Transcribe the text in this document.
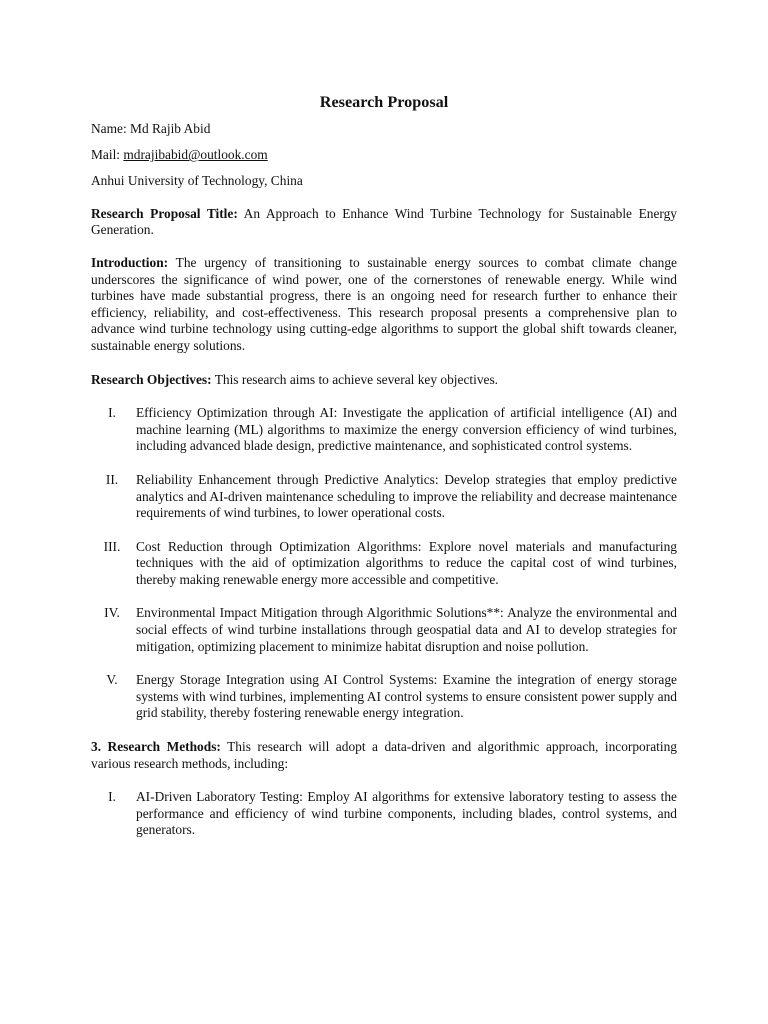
Research Proposal
Name: Md Rajib Abid
Mail: mdrajibabid@outlook.com
Anhui University of Technology, China

Research Proposal Title: An Approach to Enhance Wind Turbine Technology for Sustainable Energy Generation.

Introduction: The urgency of transitioning to sustainable energy sources to combat climate change underscores the significance of wind power, one of the cornerstones of renewable energy. While wind turbines have made substantial progress, there is an ongoing need for research further to enhance their efficiency, reliability, and cost-effectiveness. This research proposal presents a comprehensive plan to advance wind turbine technology using cutting-edge algorithms to support the global shift towards cleaner, sustainable energy solutions.

Research Objectives: This research aims to achieve several key objectives.

I.	Efficiency Optimization through AI: Investigate the application of artificial intelligence (AI) and machine learning (ML) algorithms to maximize the energy conversion efficiency of wind turbines, including advanced blade design, predictive maintenance, and sophisticated control systems.
II.	Reliability Enhancement through Predictive Analytics: Develop strategies that employ predictive analytics and AI-driven maintenance scheduling to improve the reliability and decrease maintenance requirements of wind turbines, to lower operational costs.
III.	Cost Reduction through Optimization Algorithms: Explore novel materials and manufacturing techniques with the aid of optimization algorithms to reduce the capital cost of wind turbines, thereby making renewable energy more accessible and competitive.
IV.	Environmental Impact Mitigation through Algorithmic Solutions**: Analyze the environmental and social effects of wind turbine installations through geospatial data and AI to develop strategies for mitigation, optimizing placement to minimize habitat disruption and noise pollution.
V.	Energy Storage Integration using AI Control Systems: Examine the integration of energy storage systems with wind turbines, implementing AI control systems to ensure consistent power supply and grid stability, thereby fostering renewable energy integration.

3. Research Methods: This research will adopt a data-driven and algorithmic approach, incorporating various research methods, including:

I.	AI-Driven Laboratory Testing: Employ AI algorithms for extensive laboratory testing to assess the performance and efficiency of wind turbine components, including blades, control systems, and generators.
